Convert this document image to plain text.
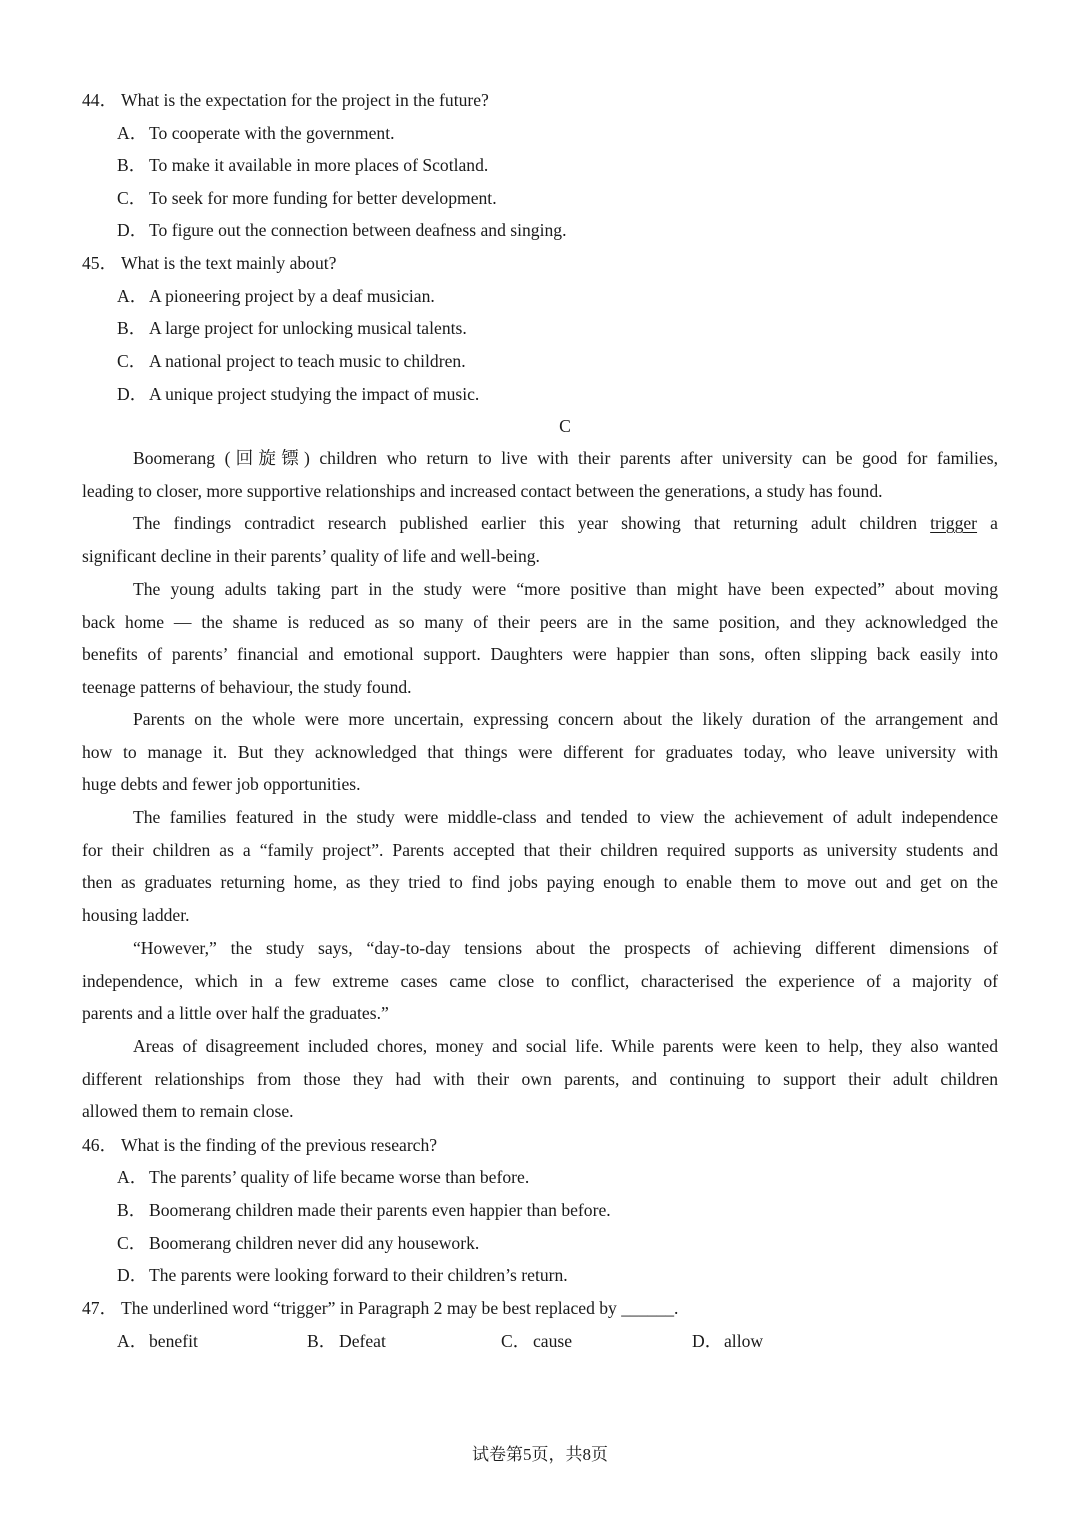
44． What is the expectation for the project in the future?
A．To cooperate with the government.
B． To make it available in more places of Scotland.
C． To seek for more funding for better development.
D．To figure out the connection between deafness and singing.
45． What is the text mainly about?
A．A pioneering project by a deaf musician.
B． A large project for unlocking musical talents.
C． A national project to teach music to children.
D．A unique project studying the impact of music.
C
Boomerang (回旋镖) children who return to live with their parents after university can be good for families,
leading to closer, more supportive relationships and increased contact between the generations, a study has found.
The findings contradict research published earlier this year showing that returning adult children trigger a
significant decline in their parents’ quality of life and well-being.
The young adults taking part in the study were “more positive than might have been expected” about moving
back home — the shame is reduced as so many of their peers are in the same position, and they acknowledged the
benefits of parents’ financial and emotional support. Daughters were happier than sons, often slipping back easily into
teenage patterns of behaviour, the study found.
Parents on the whole were more uncertain, expressing concern about the likely duration of the arrangement and
how to manage it. But they acknowledged that things were different for graduates today, who leave university with
huge debts and fewer job opportunities.
The families featured in the study were middle-class and tended to view the achievement of adult independence
for their children as a “family project”. Parents accepted that their children required supports as university students and
then as graduates returning home, as they tried to find jobs paying enough to enable them to move out and get on the
housing ladder.
“However,” the study says, “day-to-day tensions about the prospects of achieving different dimensions of
independence, which in a few extreme cases came close to conflict, characterised the experience of a majority of
parents and a little over half the graduates.”
Areas of disagreement included chores, money and social life. While parents were keen to help, they also wanted
different relationships from those they had with their own parents, and continuing to support their adult children
allowed them to remain close.
46． What is the finding of the previous research?
A．The parents’ quality of life became worse than before.
B． Boomerang children made their parents even happier than before.
C． Boomerang children never did any housework.
D．The parents were looking forward to their children’s return.
47． The underlined word “trigger” in Paragraph 2 may be best replaced by ______.
A．benefit	B． Defeat	C． cause	D．allow
试卷第5页，共8页
